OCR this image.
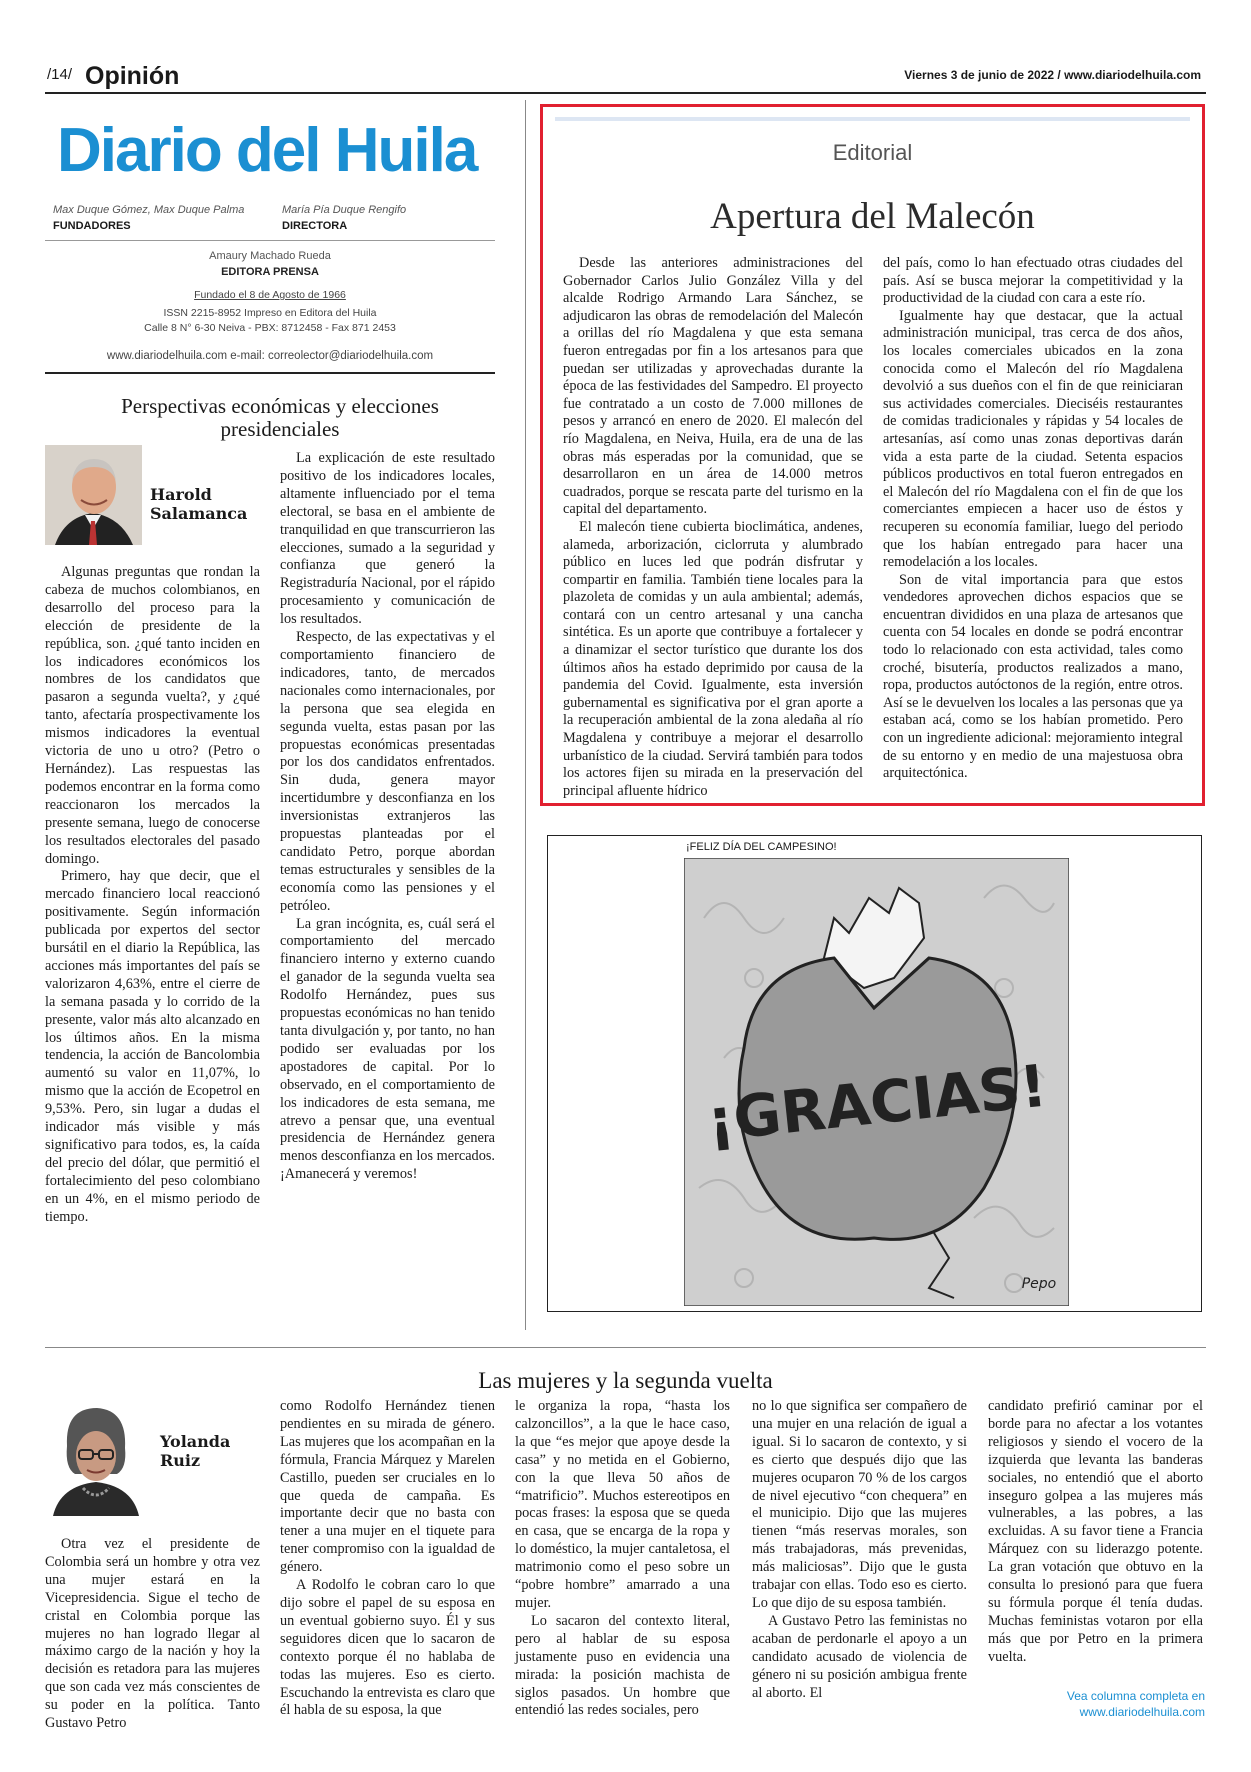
/14/ Opinión	Viernes 3 de junio de 2022 / www.diariodelhuila.com
Diario del Huila
Max Duque Gómez, Max Duque Palma
FUNDADORES
María Pía Duque Rengifo
DIRECTORA
Amaury Machado Rueda
EDITORA PRENSA
Fundado el 8 de Agosto de 1966
ISSN 2215-8952 Impreso en Editora del Huila
Calle 8 N° 6-30 Neiva - PBX: 8712458 - Fax 871 2453
www.diariodelhuila.com e-mail: correolector@diariodelhuila.com
Editorial
Apertura del Malecón

Desde las anteriores administraciones del Gobernador Carlos Julio González Villa y del alcalde Rodrigo Armando Lara Sánchez, se adjudicaron las obras de remodelación del Malecón a orillas del río Magdalena y que esta semana fueron entregadas por fin a los artesanos para que puedan ser utilizadas y aprovechadas durante la época de las festividades del Sampedro. El proyecto fue contratado a un costo de 7.000 millones de pesos y arrancó en enero de 2020. El malecón del río Magdalena, en Neiva, Huila, era de una de las obras más esperadas por la comunidad, que se desarrollaron en un área de 14.000 metros cuadrados, porque se rescata parte del turismo en la capital del departamento.

El malecón tiene cubierta bioclimática, andenes, alameda, arborización, ciclorruta y alumbrado público en luces led que podrán disfrutar y compartir en familia. También tiene locales para la plazoleta de comidas y un aula ambiental; además, contará con un centro artesanal y una cancha sintética. Es un aporte que contribuye a fortalecer y a dinamizar el sector turístico que durante los dos últimos años ha estado deprimido por causa de la pandemia del Covid. Igualmente, esta inversión gubernamental es significativa por el gran aporte a la recuperación ambiental de la zona aledaña al río Magdalena y contribuye a mejorar el desarrollo urbanístico de la ciudad. Servirá también para todos los actores fijen su mirada en la preservación del principal afluente hídrico

del país, como lo han efectuado otras ciudades del país. Así se busca mejorar la competitividad y la productividad de la ciudad con cara a este río.

Igualmente hay que destacar, que la actual administración municipal, tras cerca de dos años, los locales comerciales ubicados en la zona conocida como el Malecón del río Magdalena devolvió a sus dueños con el fin de que reiniciaran sus actividades comerciales. Dieciséis restaurantes de comidas tradicionales y rápidas y 54 locales de artesanías, así como unas zonas deportivas darán vida a esta parte de la ciudad. Setenta espacios públicos productivos en total fueron entregados en el Malecón del río Magdalena con el fin de que los comerciantes empiecen a hacer uso de éstos y recuperen su economía familiar, luego del periodo que los habían entregado para hacer una remodelación a los locales.

Son de vital importancia para que estos vendedores aprovechen dichos espacios que se encuentran divididos en una plaza de artesanos que cuenta con 54 locales en donde se podrá encontrar todo lo relacionado con esta actividad, tales como croché, bisutería, productos realizados a mano, ropa, productos autóctonos de la región, entre otros. Así se le devuelven los locales a las personas que ya estaban acá, como se los habían prometido. Pero con un ingrediente adicional: mejoramiento integral de su entorno y en medio de una majestuosa obra arquitectónica.

Perspectivas económicas y elecciones presidenciales
Harold
Salamanca

Algunas preguntas que rondan la cabeza de muchos colombianos, en desarrollo del proceso para la elección de presidente de la república, son. ¿qué tanto inciden en los indicadores económicos los nombres de los candidatos que pasaron a segunda vuelta?, y ¿qué tanto, afectaría prospectivamente los mismos indicadores la eventual victoria de uno u otro? (Petro o Hernández). Las respuestas las podemos encontrar en la forma como reaccionaron los mercados la presente semana, luego de conocerse los resultados electorales del pasado domingo.

Primero, hay que decir, que el mercado financiero local reaccionó positivamente. Según información publicada por expertos del sector bursátil en el diario la República, las acciones más importantes del país se valorizaron 4,63%, entre el cierre de la semana pasada y lo corrido de la presente, valor más alto alcanzado en los últimos años. En la misma tendencia, la acción de Bancolombia aumentó su valor en 11,07%, lo mismo que la acción de Ecopetrol en 9,53%. Pero, sin lugar a dudas el indicador más visible y más significativo para todos, es, la caída del precio del dólar, que permitió el fortalecimiento del peso colombiano en un 4%, en el mismo periodo de tiempo.

La explicación de este resultado positivo de los indicadores locales, altamente influenciado por el tema electoral, se basa en el ambiente de tranquilidad en que transcurrieron las elecciones, sumado a la seguridad y confianza que generó la Registraduría Nacional, por el rápido procesamiento y comunicación de los resultados.

Respecto, de las expectativas y el comportamiento financiero de indicadores, tanto, de mercados nacionales como internacionales, por la persona que sea elegida en segunda vuelta, estas pasan por las propuestas económicas presentadas por los dos candidatos enfrentados. Sin duda, genera mayor incertidumbre y desconfianza en los inversionistas extranjeros las propuestas planteadas por el candidato Petro, porque abordan temas estructurales y sensibles de la economía como las pensiones y el petróleo.

La gran incógnita, es, cuál será el comportamiento del mercado financiero interno y externo cuando el ganador de la segunda vuelta sea Rodolfo Hernández, pues sus propuestas económicas no han tenido tanta divulgación y, por tanto, no han podido ser evaluadas por los apostadores de capital. Por lo observado, en el comportamiento de los indicadores de esta semana, me atrevo a pensar que, una eventual presidencia de Hernández genera menos desconfianza en los mercados. ¡Amanecerá y veremos!

¡FELIZ DÍA DEL CAMPESINO!
¡GRACIAS!
Pepo
Las mujeres y la segunda vuelta
Yolanda
Ruiz

Otra vez el presidente de Colombia será un hombre y otra vez una mujer estará en la Vicepresidencia. Sigue el techo de cristal en Colombia porque las mujeres no han logrado llegar al máximo cargo de la nación y hoy la decisión es retadora para las mujeres que son cada vez más conscientes de su poder en la política. Tanto Gustavo Petro

como Rodolfo Hernández tienen pendientes en su mirada de género. Las mujeres que los acompañan en la fórmula, Francia Márquez y Marelen Castillo, pueden ser cruciales en lo que queda de campaña. Es importante decir que no basta con tener a una mujer en el tiquete para tener compromiso con la igualdad de género.

A Rodolfo le cobran caro lo que dijo sobre el papel de su esposa en un eventual gobierno suyo. Él y sus seguidores dicen que lo sacaron de contexto porque él no hablaba de todas las mujeres. Eso es cierto. Escuchando la entrevista es claro que él habla de su esposa, la que

le organiza la ropa, “hasta los calzoncillos”, a la que le hace caso, la que “es mejor que apoye desde la casa” y no metida en el Gobierno, con la que lleva 50 años de “matrificio”. Muchos estereotipos en pocas frases: la esposa que se queda en casa, que se encarga de la ropa y lo doméstico, la mujer cantaletosa, el matrimonio como el peso sobre un “pobre hombre” amarrado a una mujer.

Lo sacaron del contexto literal, pero al hablar de su esposa justamente puso en evidencia una mirada: la posición machista de siglos pasados. Un hombre que entendió las redes sociales, pero

no lo que significa ser compañero de una mujer en una relación de igual a igual. Si lo sacaron de contexto, y si es cierto que después dijo que las mujeres ocuparon 70 % de los cargos de nivel ejecutivo “con chequera” en el municipio. Dijo que las mujeres tienen “más reservas morales, son más trabajadoras, más prevenidas, más maliciosas”. Dijo que le gusta trabajar con ellas. Todo eso es cierto. Lo que dijo de su esposa también.

A Gustavo Petro las feministas no acaban de perdonarle el apoyo a un candidato acusado de violencia de género ni su posición ambigua frente al aborto. El

candidato prefirió caminar por el borde para no afectar a los votantes religiosos y siendo el vocero de la izquierda que levanta las banderas sociales, no entendió que el aborto inseguro golpea a las mujeres más vulnerables, a las pobres, a las excluidas. A su favor tiene a Francia Márquez con su liderazgo potente. La gran votación que obtuvo en la consulta lo presionó para que fuera su fórmula porque él tenía dudas. Muchas feministas votaron por ella más que por Petro en la primera vuelta.

Vea columna completa en
www.diariodelhuila.com
